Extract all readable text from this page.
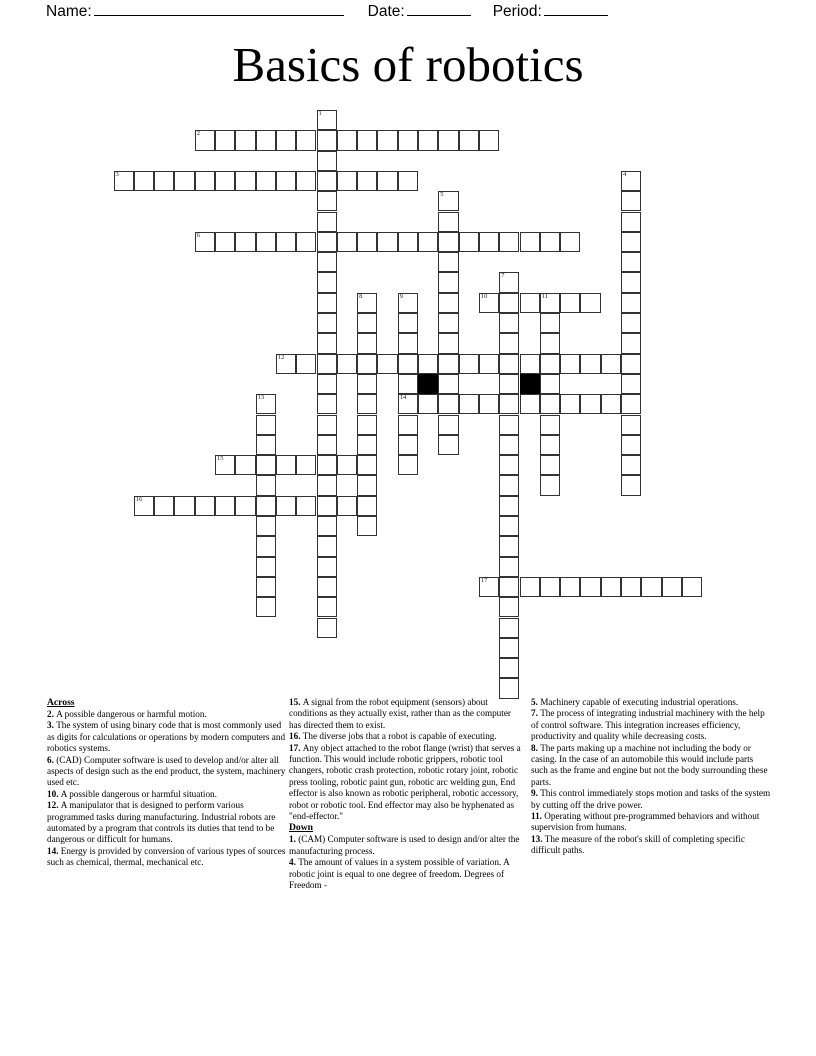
Name:	Date:	Period:
Basics of robotics
1
2
3	4
5
6
7
8	9
14
10	11
12
13
15
16
17
Across
2. A possible dangerous or harmful motion.
3. The system of using binary code that is most commonly used as digits for calculations or operations by modern computers and robotics systems.
6. (CAD) Computer software is used to develop and/or alter all aspects of design such as the end product, the system, machinery used etc.
10. A possible dangerous or harmful situation.
12. A manipulator that is designed to perform various programmed tasks during manufacturing. Industrial robots are automated by a program that controls its duties that tend to be dangerous or difficult for humans.
14. Energy is provided by conversion of various types of sources such as chemical, thermal, mechanical etc.
15. A signal from the robot equipment (sensors) about conditions as they actually exist, rather than as the computer has directed them to exist.
16. The diverse jobs that a robot is capable of executing.
17. Any object attached to the robot flange (wrist) that serves a function. This would include robotic grippers, robotic tool changers, robotic crash protection, robotic rotary joint, robotic press tooling, robotic paint gun, robotic arc welding gun, End effector is also known as robotic peripheral, robotic accessory, robot or robotic tool. End effector may also be hyphenated as "end-effector."
Down
1. (CAM) Computer software is used to design and/or alter the manufacturing process.
4. The amount of values in a system possible of variation. A robotic joint is equal to one degree of freedom. Degrees of Freedom -
5. Machinery capable of executing industrial operations.
7. The process of integrating industrial machinery with the help of control software. This integration increases efficiency, productivity and quality while decreasing costs.
8. The parts making up a machine not including the body or casing. In the case of an automobile this would include parts such as the frame and engine but not the body surrounding these parts.
9. This control immediately stops motion and tasks of the system by cutting off the drive power.
11. Operating without pre-programmed behaviors and without supervision from humans.
13. The measure of the robot's skill of completing specific difficult paths.
